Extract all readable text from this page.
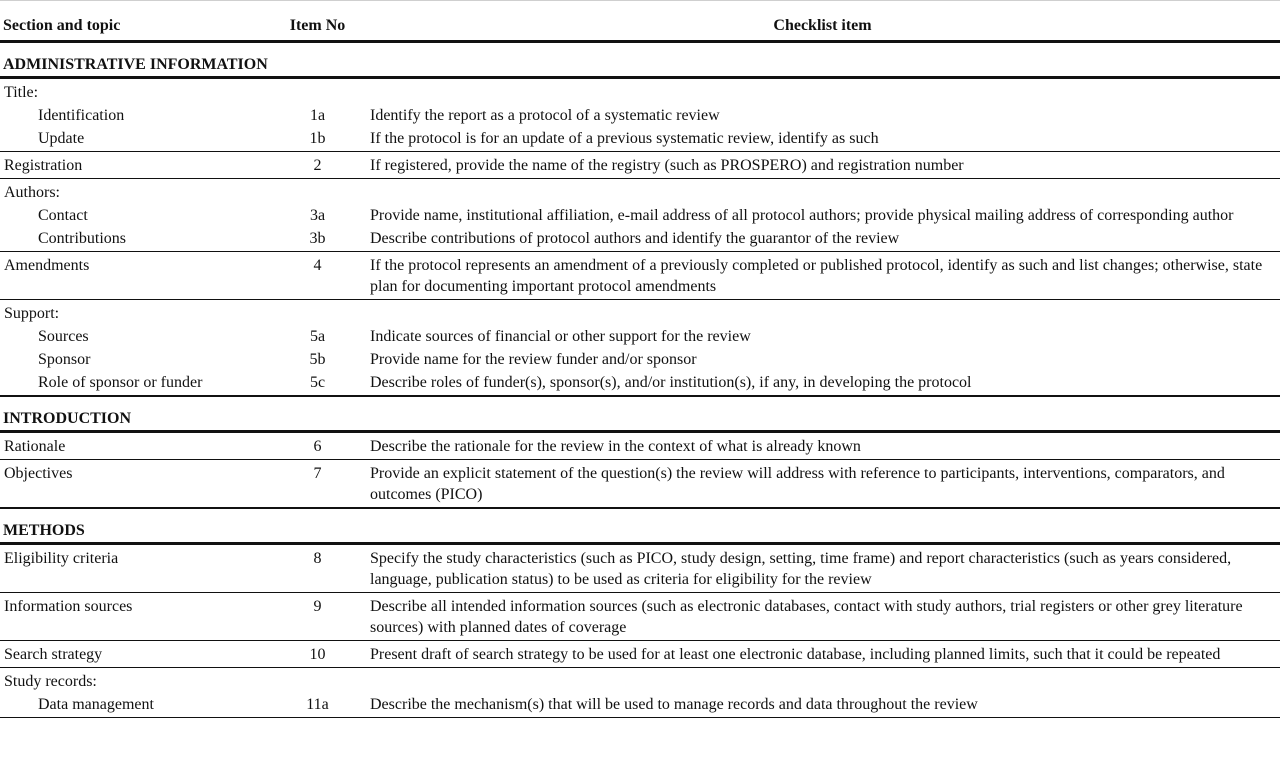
Section and topic	Item No	Checklist item
ADMINISTRATIVE INFORMATION		
Title:		
Identification	1a	Identify the report as a protocol of a systematic review
Update	1b	If the protocol is for an update of a previous systematic review, identify as such
Registration	2	If registered, provide the name of the registry (such as PROSPERO) and registration number
Authors:		
Contact	3a	Provide name, institutional affiliation, e-mail address of all protocol authors; provide physical mailing address of corresponding author
Contributions	3b	Describe contributions of protocol authors and identify the guarantor of the review
Amendments	4	If the protocol represents an amendment of a previously completed or published protocol, identify as such and list changes; otherwise, state plan for documenting important protocol amendments
Support:		
Sources	5a	Indicate sources of financial or other support for the review
Sponsor	5b	Provide name for the review funder and/or sponsor
Role of sponsor or funder	5c	Describe roles of funder(s), sponsor(s), and/or institution(s), if any, in developing the protocol
INTRODUCTION		
Rationale	6	Describe the rationale for the review in the context of what is already known
Objectives	7	Provide an explicit statement of the question(s) the review will address with reference to participants, interventions, comparators, and outcomes (PICO)
METHODS		
Eligibility criteria	8	Specify the study characteristics (such as PICO, study design, setting, time frame) and report characteristics (such as years considered, language, publication status) to be used as criteria for eligibility for the review
Information sources	9	Describe all intended information sources (such as electronic databases, contact with study authors, trial registers or other grey literature sources) with planned dates of coverage
Search strategy	10	Present draft of search strategy to be used for at least one electronic database, including planned limits, such that it could be repeated
Study records:		
Data management	11a	Describe the mechanism(s) that will be used to manage records and data throughout the review
